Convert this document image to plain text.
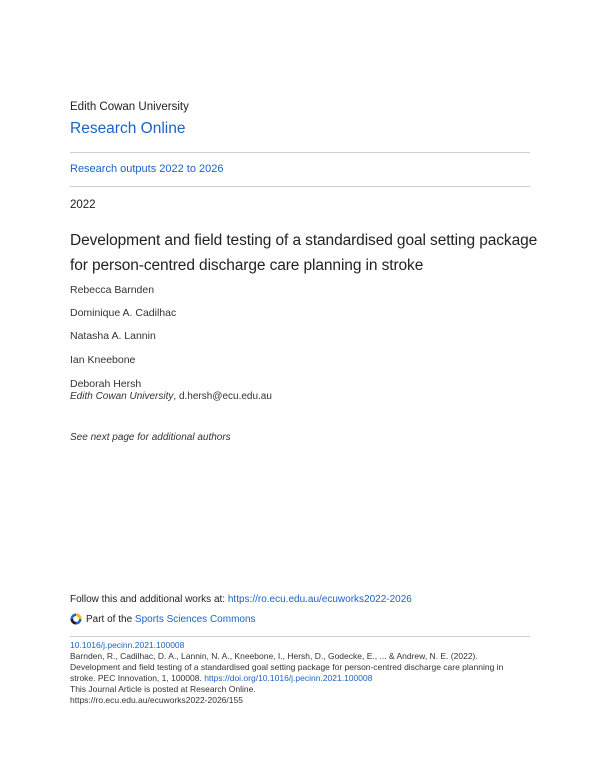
Edith Cowan University
Research Online
Research outputs 2022 to 2026
2022
Development and field testing of a standardised goal setting package for person-centred discharge care planning in stroke
Rebecca Barnden
Dominique A. Cadilhac
Natasha A. Lannin
Ian Kneebone
Deborah Hersh
Edith Cowan University, d.hersh@ecu.edu.au
See next page for additional authors
Follow this and additional works at: https://ro.ecu.edu.au/ecuworks2022-2026
Part of the Sports Sciences Commons
10.1016/j.pecinn.2021.100008
Barnden, R., Cadilhac, D. A., Lannin, N. A., Kneebone, I., Hersh, D., Godecke, E., ... & Andrew, N. E. (2022).
Development and field testing of a standardised goal setting package for person-centred discharge care planning in
stroke. PEC Innovation, 1, 100008. https://doi.org/10.1016/j.pecinn.2021.100008
This Journal Article is posted at Research Online.
https://ro.ecu.edu.au/ecuworks2022-2026/155
